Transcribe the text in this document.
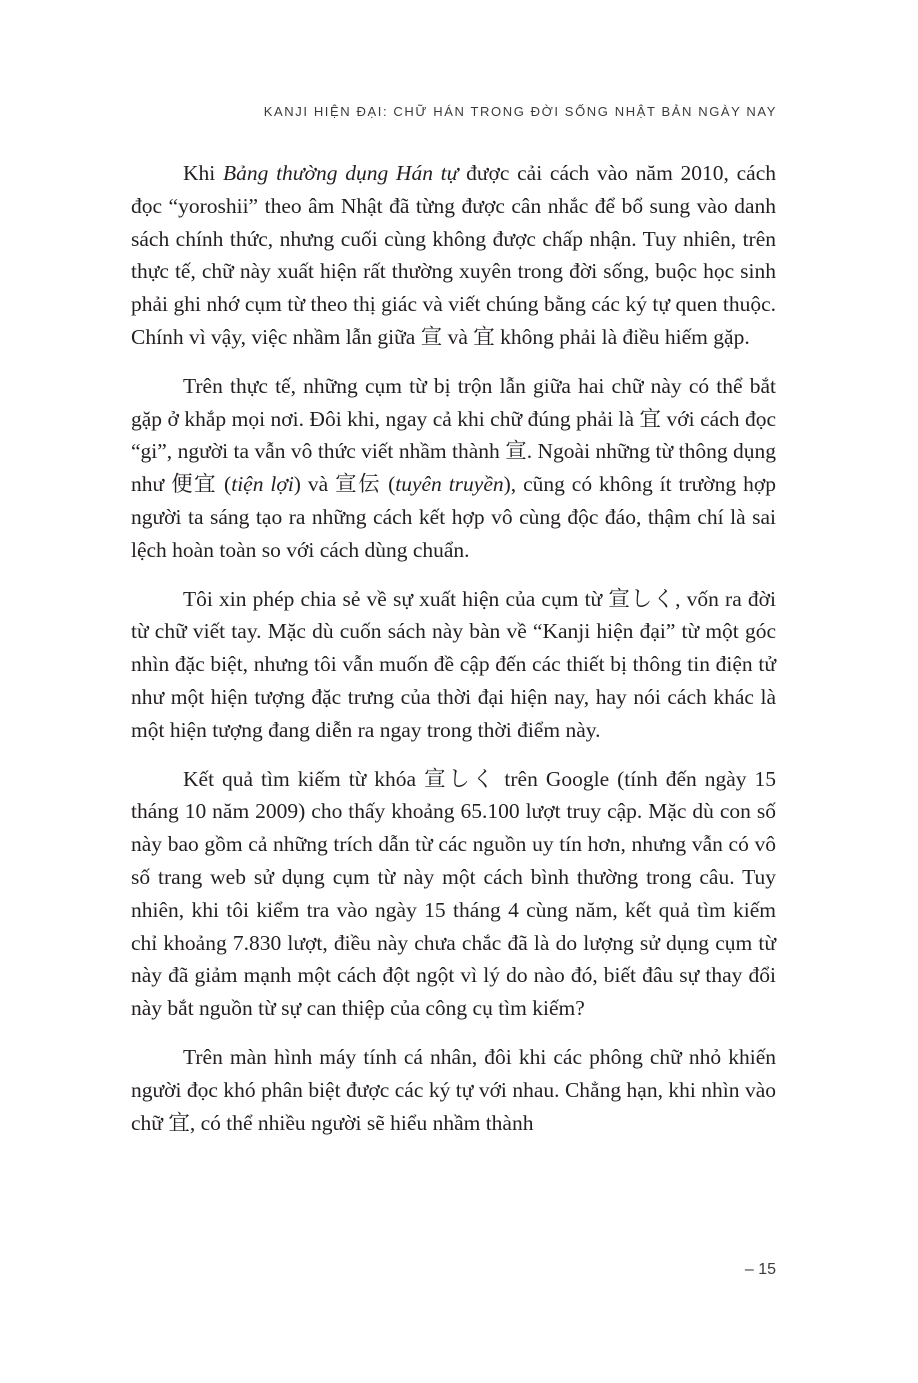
KANJI HIỆN ĐẠI: CHỮ HÁN TRONG ĐỜI SỐNG NHẬT BẢN NGÀY NAY

Khi Bảng thường dụng Hán tự được cải cách vào năm 2010, cách đọc “yoroshii” theo âm Nhật đã từng được cân nhắc để bổ sung vào danh sách chính thức, nhưng cuối cùng không được chấp nhận. Tuy nhiên, trên thực tế, chữ này xuất hiện rất thường xuyên trong đời sống, buộc học sinh phải ghi nhớ cụm từ theo thị giác và viết chúng bằng các ký tự quen thuộc. Chính vì vậy, việc nhầm lẫn giữa 宣 và 宜 không phải là điều hiếm gặp.

Trên thực tế, những cụm từ bị trộn lẫn giữa hai chữ này có thể bắt gặp ở khắp mọi nơi. Đôi khi, ngay cả khi chữ đúng phải là 宜 với cách đọc “gi”, người ta vẫn vô thức viết nhầm thành 宣. Ngoài những từ thông dụng như 便宜 (tiện lợi) và 宣伝 (tuyên truyền), cũng có không ít trường hợp người ta sáng tạo ra những cách kết hợp vô cùng độc đáo, thậm chí là sai lệch hoàn toàn so với cách dùng chuẩn.

Tôi xin phép chia sẻ về sự xuất hiện của cụm từ 宣しく, vốn ra đời từ chữ viết tay. Mặc dù cuốn sách này bàn về “Kanji hiện đại” từ một góc nhìn đặc biệt, nhưng tôi vẫn muốn đề cập đến các thiết bị thông tin điện tử như một hiện tượng đặc trưng của thời đại hiện nay, hay nói cách khác là một hiện tượng đang diễn ra ngay trong thời điểm này.

Kết quả tìm kiếm từ khóa 宣しく trên Google (tính đến ngày 15 tháng 10 năm 2009) cho thấy khoảng 65.100 lượt truy cập. Mặc dù con số này bao gồm cả những trích dẫn từ các nguồn uy tín hơn, nhưng vẫn có vô số trang web sử dụng cụm từ này một cách bình thường trong câu. Tuy nhiên, khi tôi kiểm tra vào ngày 15 tháng 4 cùng năm, kết quả tìm kiếm chỉ khoảng 7.830 lượt, điều này chưa chắc đã là do lượng sử dụng cụm từ này đã giảm mạnh một cách đột ngột vì lý do nào đó, biết đâu sự thay đổi này bắt nguồn từ sự can thiệp của công cụ tìm kiếm?

Trên màn hình máy tính cá nhân, đôi khi các phông chữ nhỏ khiến người đọc khó phân biệt được các ký tự với nhau. Chẳng hạn, khi nhìn vào chữ 宜, có thể nhiều người sẽ hiểu nhầm thành

– 15
